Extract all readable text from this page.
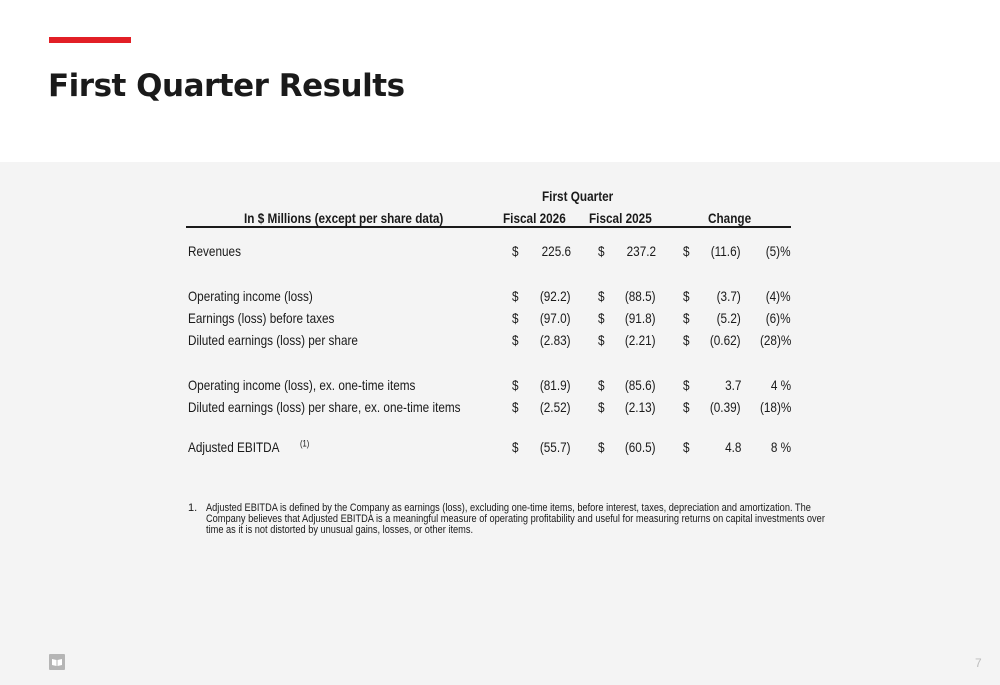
First Quarter Results
First Quarter
In $ Millions (except per share data)	Fiscal 2026	Fiscal 2025	Change
Revenues	$	225.6 $	237.2 $	(11.6)	(5)%
Operating income (loss)	$	(92.2) $	(88.5) $	(3.7)	(4)%
Earnings (loss) before taxes	$	(97.0) $	(91.8) $	(5.2)	(6)%
Diluted earnings (loss) per share	$	(2.83) $	(2.21) $	(0.62)	(28)%
Operating income (loss), ex. one-time items	$	(81.9) $	(85.6) $	3.7	4 %
Diluted earnings (loss) per share, ex. one-time items	$	(2.52) $	(2.13) $	(0.39)	(18)%
Adjusted EBITDA $^{(1)}$	$	(55.7) $	(60.5) $	4.8	8 %
1. Adjusted EBITDA is defined by the Company as earnings (loss), excluding one-time items, before interest, taxes, depreciation and amortization. The Company believes that Adjusted EBITDA is a meaningful measure of operating profitability and useful for measuring returns on capital investments over time as it is not distorted by unusual gains, losses, or other items.
7
